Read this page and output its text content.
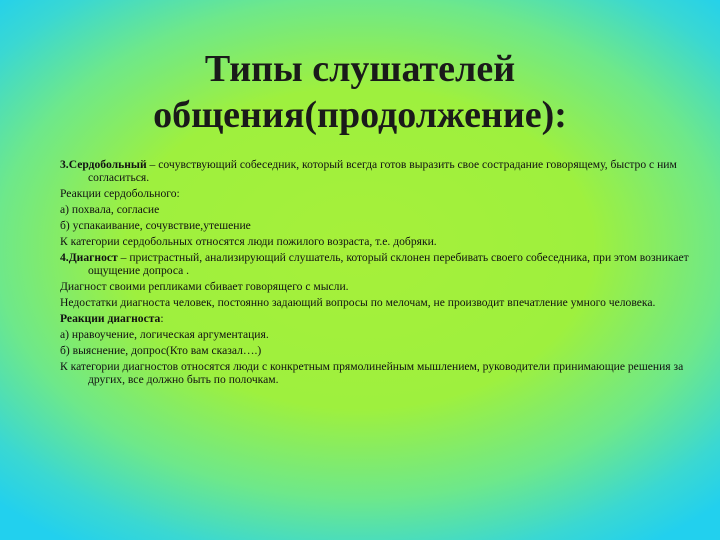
Типы слушателей
общения(продолжение):

3.Сердобольный – сочувствующий собеседник, который всегда готов выразить свое сострадание говорящему, быстро с ним согласиться.

Реакции сердобольного:

а) похвала, согласие

б) успакаивание, сочувствие,утешение

К категории сердобольных относятся люди пожилого возраста, т.е. добряки.

4.Диагност – пристрастный, анализирующий слушатель, который склонен перебивать своего собеседника, при этом возникает ощущение допроса .

Диагност своими репликами сбивает говорящего с мысли.

Недостатки диагноста человек, постоянно задающий вопросы по мелочам, не производит впечатление умного человека.

Реакции диагноста:

а) нравоучение, логическая аргументация.

б) выяснение, допрос(Кто вам сказал….)

К категории диагностов относятся люди с конкретным прямолинейным мышлением, руководители принимающие решения за других, все должно быть по полочкам.
